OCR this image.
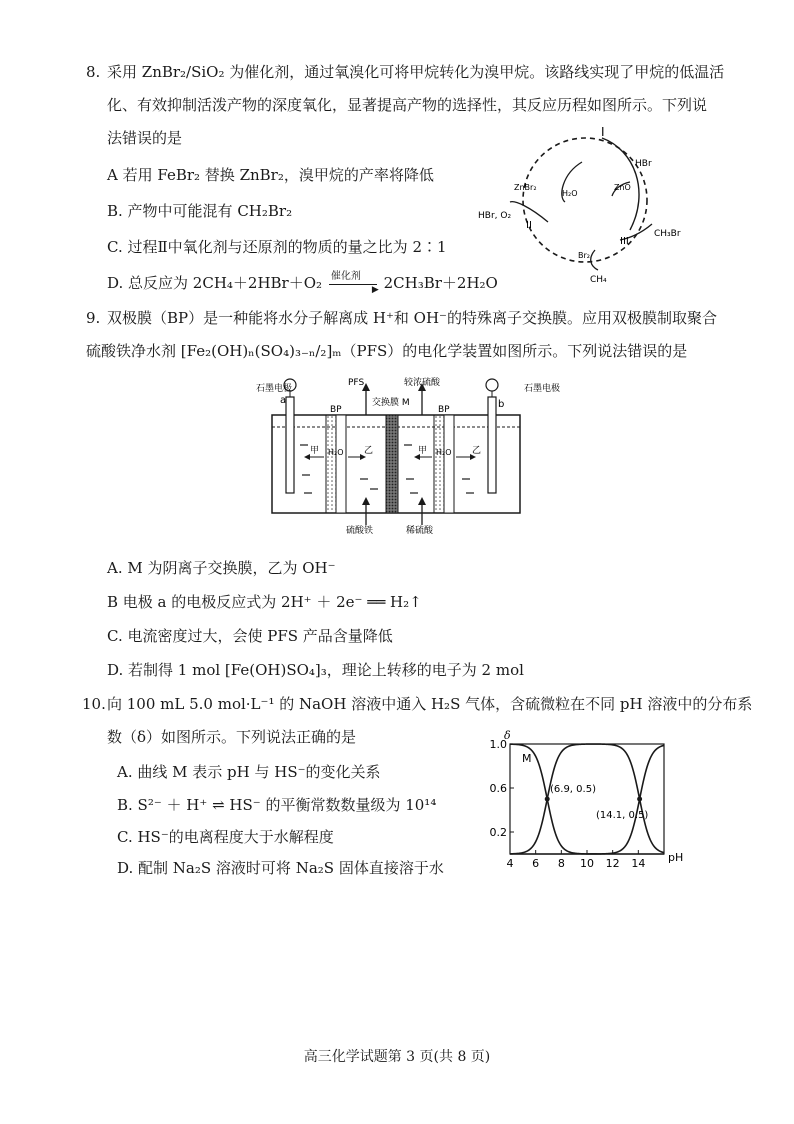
8. 采用 ZnBr₂/SiO₂ 为催化剂，通过氧溴化可将甲烷转化为溴甲烷。该路线实现了甲烷的低温活
化、有效抑制活泼产物的深度氧化，显著提高产物的选择性，其反应历程如图所示。下列说
法错误的是
A 若用 FeBr₂ 替换 ZnBr₂，溴甲烷的产率将降低
B. 产物中可能混有 CH₂Br₂
C. 过程Ⅱ中氧化剂与还原剂的物质的量之比为 2∶1
D. 总反应为 2CH₄＋2HBr＋O₂ 催化剂
▶ 2CH₃Br＋2H₂O
I
HBr
ZnBr₂
H₂O
ZnO
HBr, O₂
II
III
CH₃Br
Br₂
CH₄
9. 双极膜（BP）是一种能将水分子解离成 H⁺和 OH⁻的特殊离子交换膜。应用双极膜制取聚合
硫酸铁净水剂 [Fe₂(OH)ₙ(SO₄)₃₋ₙ/₂]ₘ（PFS）的电化学装置如图所示。下列说法错误的是
石墨电极	石墨电极
a	b
PFS	较浓硫酸
交换膜 M
BP	BP
甲 H₂O 乙	甲 H₂O 乙
硫酸铁	稀硫酸
A. M 为阴离子交换膜，乙为 OH⁻
B 电极 a 的电极反应式为 2H⁺ ＋ 2e⁻ ══ H₂↑
C. 电流密度过大，会使 PFS 产品含量降低
D. 若制得 1 mol [Fe(OH)SO₄]₃，理论上转移的电子为 2 mol
10. 向 100 mL 5.0 mol·L⁻¹ 的 NaOH 溶液中通入 H₂S 气体，含硫微粒在不同 pH 溶液中的分布系
数（δ）如图所示。下列说法正确的是
A. 曲线 M 表示 pH 与 HS⁻的变化关系
B. S²⁻ ＋ H⁺ ⇌ HS⁻ 的平衡常数数量级为 10¹⁴
C. HS⁻的电离程度大于水解程度
D. 配制 Na₂S 溶液时可将 Na₂S 固体直接溶于水	4 6 8 10 12 14
0.2
0.6
1.0
δ
pH
M
(6.9, 0.5)
(14.1, 0.5)
高三化学试题第 3 页(共 8 页)
